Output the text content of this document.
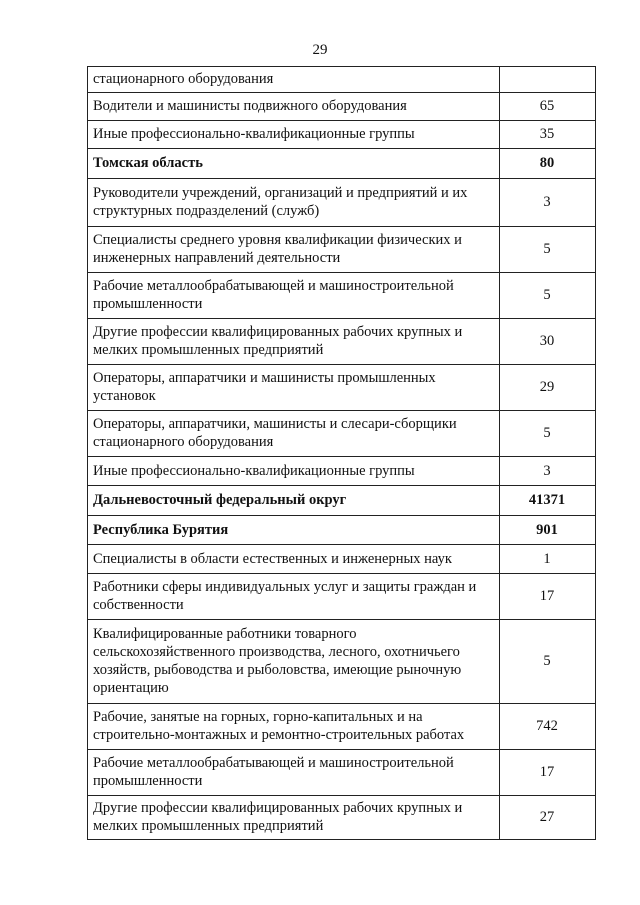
29
стационарного оборудования	
Водители и машинисты подвижного оборудования	65
Иные профессионально-квалификационные группы	35
Томская область	80
Руководители учреждений, организаций и предприятий и их структурных подразделений (служб)	3
Специалисты среднего уровня квалификации физических и инженерных направлений деятельности	5
Рабочие металлообрабатывающей и машиностроительной промышленности	5
Другие профессии квалифицированных рабочих крупных и мелких промышленных предприятий	30
Операторы, аппаратчики и машинисты промышленных установок	29
Операторы, аппаратчики, машинисты и слесари-сборщики стационарного оборудования	5
Иные профессионально-квалификационные группы	3
Дальневосточный федеральный округ	41371
Республика Бурятия	901
Специалисты в области естественных и инженерных наук	1
Работники сферы индивидуальных услуг и защиты граждан и собственности	17
Квалифицированные работники товарного сельскохозяйственного производства, лесного, охотничьего хозяйств, рыбоводства и рыболовства, имеющие рыночную ориентацию	5
Рабочие, занятые на горных, горно-капитальных и на строительно-монтажных и ремонтно-строительных работах	742
Рабочие металлообрабатывающей и машиностроительной промышленности	17
Другие профессии квалифицированных рабочих крупных и мелких промышленных предприятий	27
